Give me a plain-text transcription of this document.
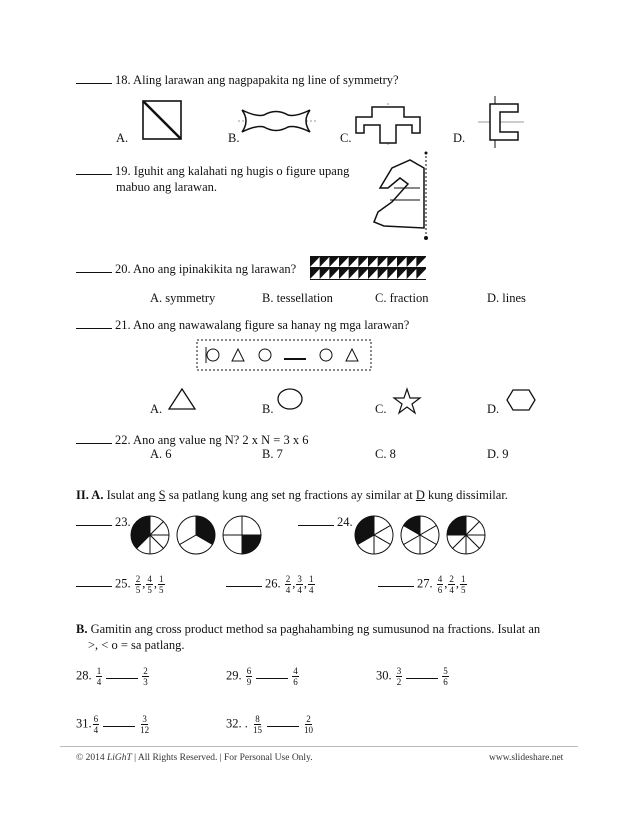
18. Aling larawan ang nagpapakita ng line of symmetry?
A.	B.	C.	D.
19. Iguhit ang kalahati ng hugis o figure upang
mabuo ang larawan.
20. Ano ang ipinakikita ng larawan?
A. symmetry	B. tessellation	C. fraction	D. lines
21. Ano ang nawawalang figure sa hanay ng mga larawan?
A.	B.	C.	D.
22. Ano ang value ng N? 2 x N = 3 x 6
A. 6	B. 7	C. 8	D. 9
II. A. Isulat ang S sa patlang kung ang set ng fractions ay similar at D kung dissimilar.
23.	24.
25. $\frac{2}{5}$ , $\frac{4}{5}$ , $\frac{1}{5}$	26. $\frac{2}{4}$ , $\frac{3}{4}$ , $\frac{1}{4}$	27. $\frac{4}{6}$ , $\frac{2}{4}$ , $\frac{1}{5}$
B. Gamitin ang cross product method sa paghahambing ng sumusunod na fractions. Isulat an
>, < o = sa patlang.
28. $\frac{1}{4}$	$\frac{2}{3}$	29. $\frac{6}{9}$	$\frac{4}{6}$	30. $\frac{3}{2}$	$\frac{5}{6}$
31. $\frac{6}{4}$	$\frac{3}{12}$	32. . $\frac{8}{15}$	$\frac{2}{10}$
© 2014 LiGhT | All Rights Reserved. | For Personal Use Only.	www.slideshare.net
